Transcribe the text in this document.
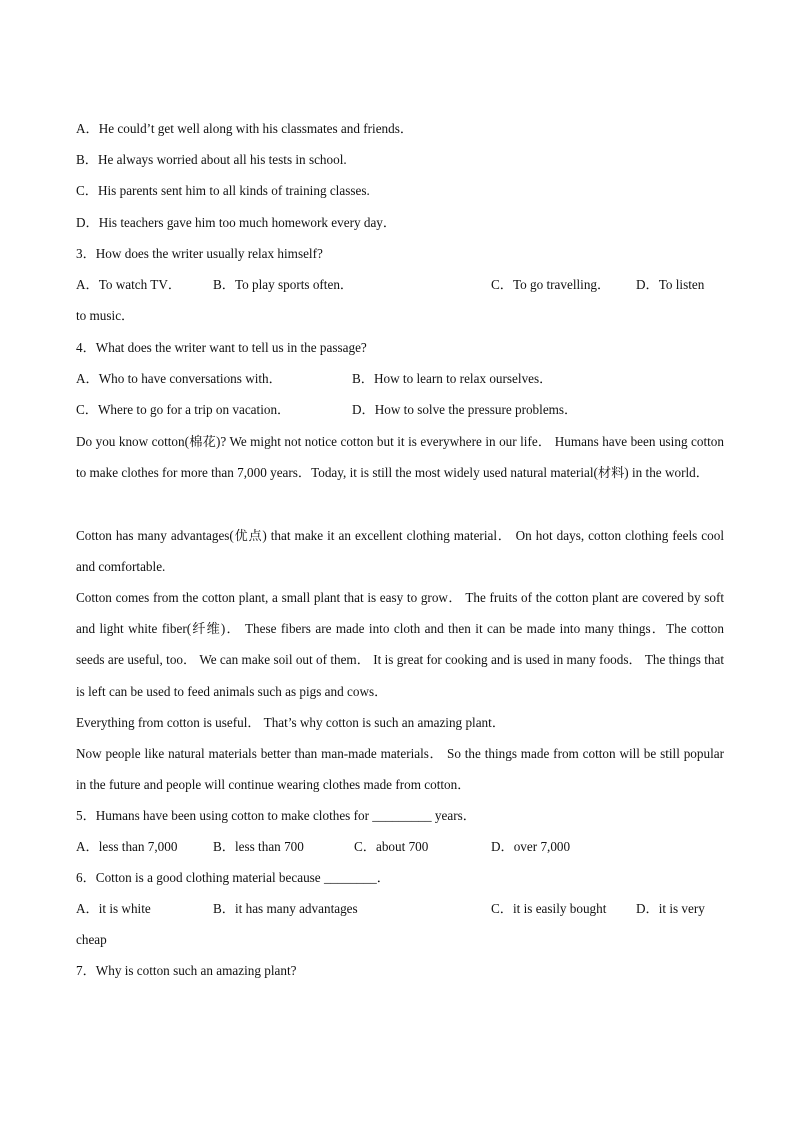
A．He could’t get well along with his classmates and friends．
B．He always worried about all his tests in school.
C．His parents sent him to all kinds of training classes.
D．His teachers gave him too much homework every day．
3．How does the writer usually relax himself?
A．To watch TV． B．To play sports often．	C．To go travelling． D．To listen
to music．
4．What does the writer want to tell us in the passage?
A．Who to have conversations with．	B．How to learn to relax ourselves．
C．Where to go for a trip on vacation．	D．How to solve the pressure problems．

Do you know cotton(棉花)? We might not notice cotton but it is everywhere in our life． Humans have been using cotton to make clothes for more than 7,000 years．Today, it is still the most widely used natural material(材料) in the world．

Cotton has many advantages(优点) that make it an excellent clothing material． On hot days, cotton clothing feels cool and comfortable.

Cotton comes from the cotton plant, a small plant that is easy to grow． The fruits of the cotton plant are covered by soft and light white fiber(纤维)． These fibers are made into cloth and then it can be made into many things．The cotton seeds are useful, too． We can make soil out of them． It is great for cooking and is used in many foods． The things that is left can be used to feed animals such as pigs and cows．

Everything from cotton is useful． That’s why cotton is such an amazing plant．

Now people like natural materials better than man-made materials． So the things made from cotton will be still popular in the future and people will continue wearing clothes made from cotton．

5．Humans have been using cotton to make clothes for _________ years．
A．less than 7,000	B．less than 700	C．about 700	D．over 7,000
6．Cotton is a good clothing material because ________．
A．it is white	B．it has many advantages	C．it is easily bought D．it is very
cheap
7．Why is cotton such an amazing plant?
